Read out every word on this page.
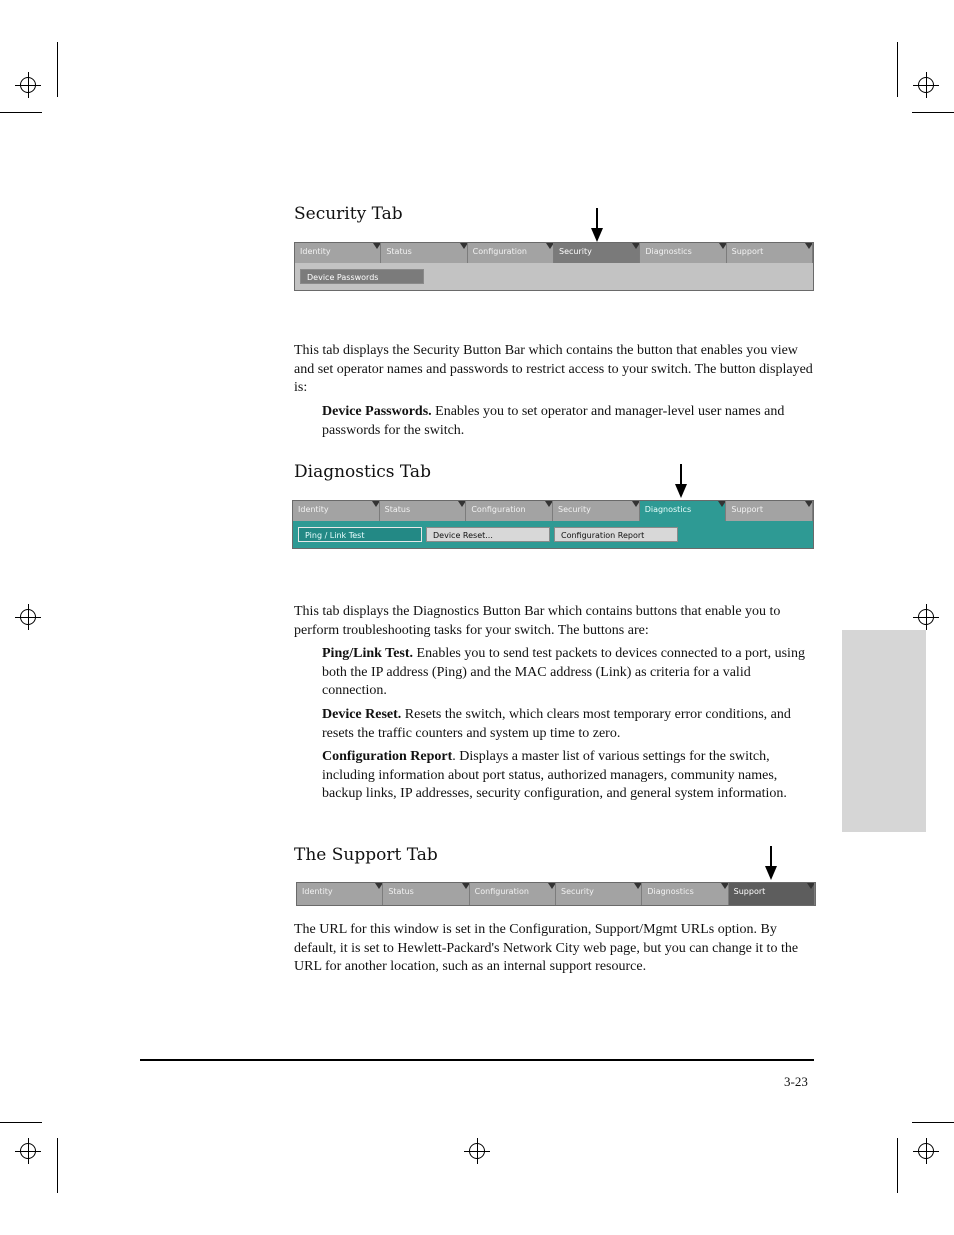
Security Tab
Identity	Status	Configuration	Security	Diagnostics	Support
Device Passwords
This tab displays the Security Button Bar which contains the button that enables you view and set operator names and passwords to restrict access to your switch. The button displayed is:
Device Passwords. Enables you to set operator and manager-level user names and passwords for the switch.
Diagnostics Tab
Identity	Status	Configuration	Security	Diagnostics	Support
Ping / Link Test	Device Reset...	Configuration Report
This tab displays the Diagnostics Button Bar which contains buttons that enable you to perform troubleshooting tasks for your switch. The buttons are:
Ping/Link Test. Enables you to send test packets to devices connected to a port, using both the IP address (Ping) and the MAC address (Link) as criteria for a valid connection.
Device Reset. Resets the switch, which clears most temporary error conditions, and resets the traffic counters and system up time to zero.
Configuration Report. Displays a master list of various settings for the switch, including information about port status, authorized managers, community names, backup links, IP addresses, security configuration, and general system information.
The Support Tab
Identity	Status	Configuration	Security	Diagnostics	Support
The URL for this window is set in the Configuration, Support/Mgmt URLs option. By default, it is set to Hewlett-Packard's Network City web page, but you can change it to the URL for another location, such as an internal support resource.
3-23
